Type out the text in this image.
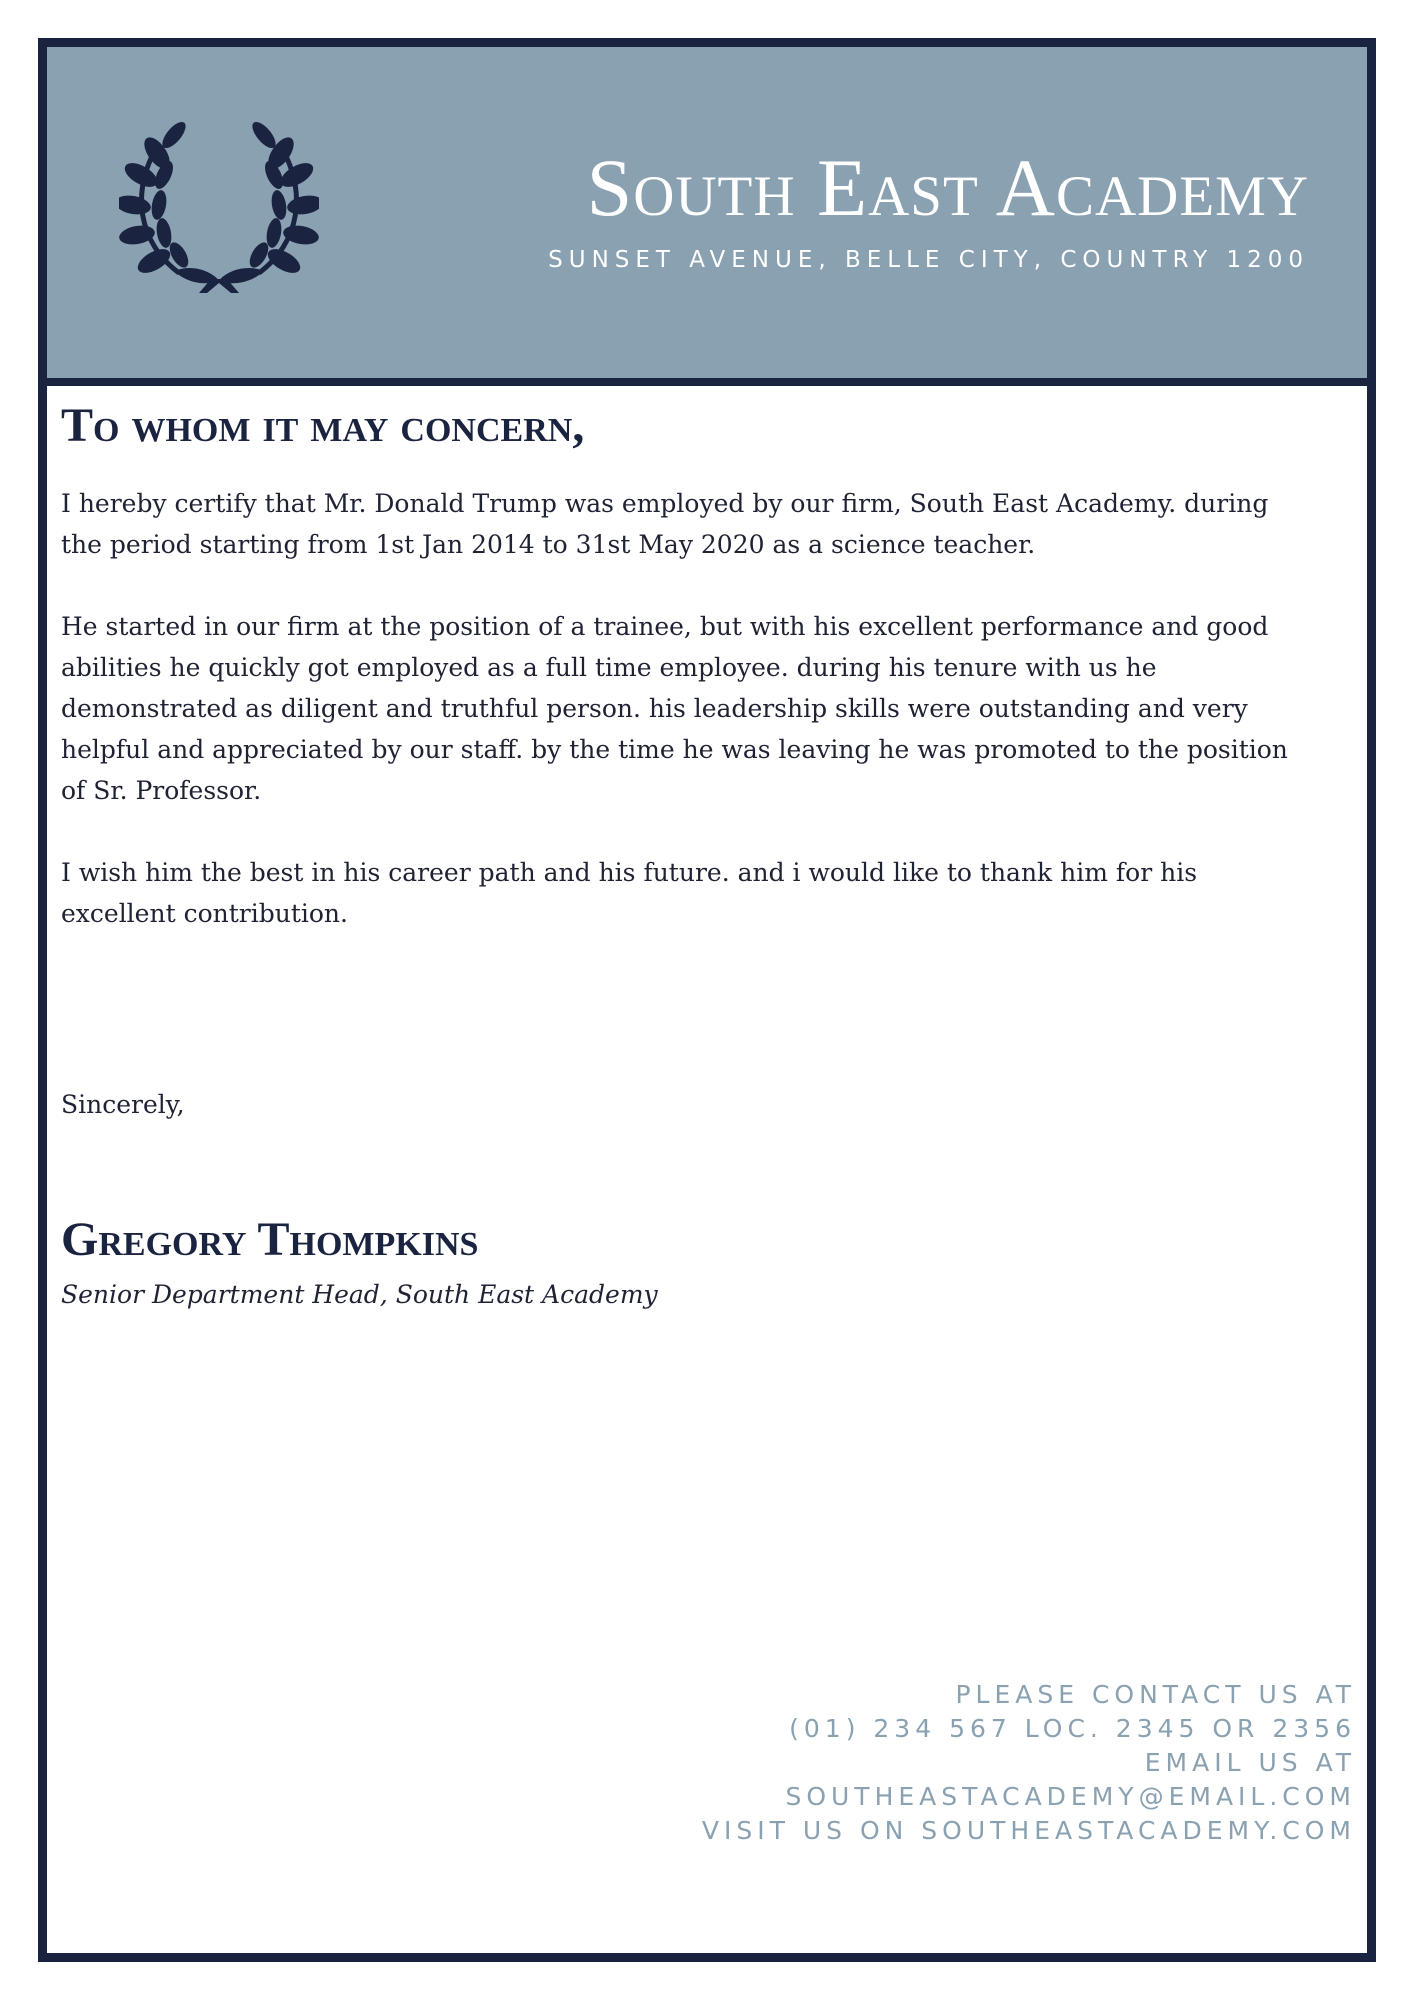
South East Academy
SUNSET AVENUE, BELLE CITY, COUNTRY 1200
To whom it may concern,

I hereby certify that Mr. Donald Trump was employed by our firm, South East Academy. during the period starting from 1st Jan 2014 to 31st May 2020 as a science teacher.

He started in our firm at the position of a trainee, but with his excellent performance and good abilities he quickly got employed as a full time employee. during his tenure with us he demonstrated as diligent and truthful person. his leadership skills were outstanding and very helpful and appreciated by our staff. by the time he was leaving he was promoted to the position of Sr. Professor.

I wish him the best in his career path and his future. and i would like to thank him for his excellent contribution.

Sincerely,

Gregory Thompkins

Senior Department Head, South East Academy

PLEASE CONTACT US AT
(01) 234 567 LOC. 2345 OR 2356
EMAIL US AT
SOUTHEASTACADEMY@EMAIL.COM
VISIT US ON SOUTHEASTACADEMY.COM
